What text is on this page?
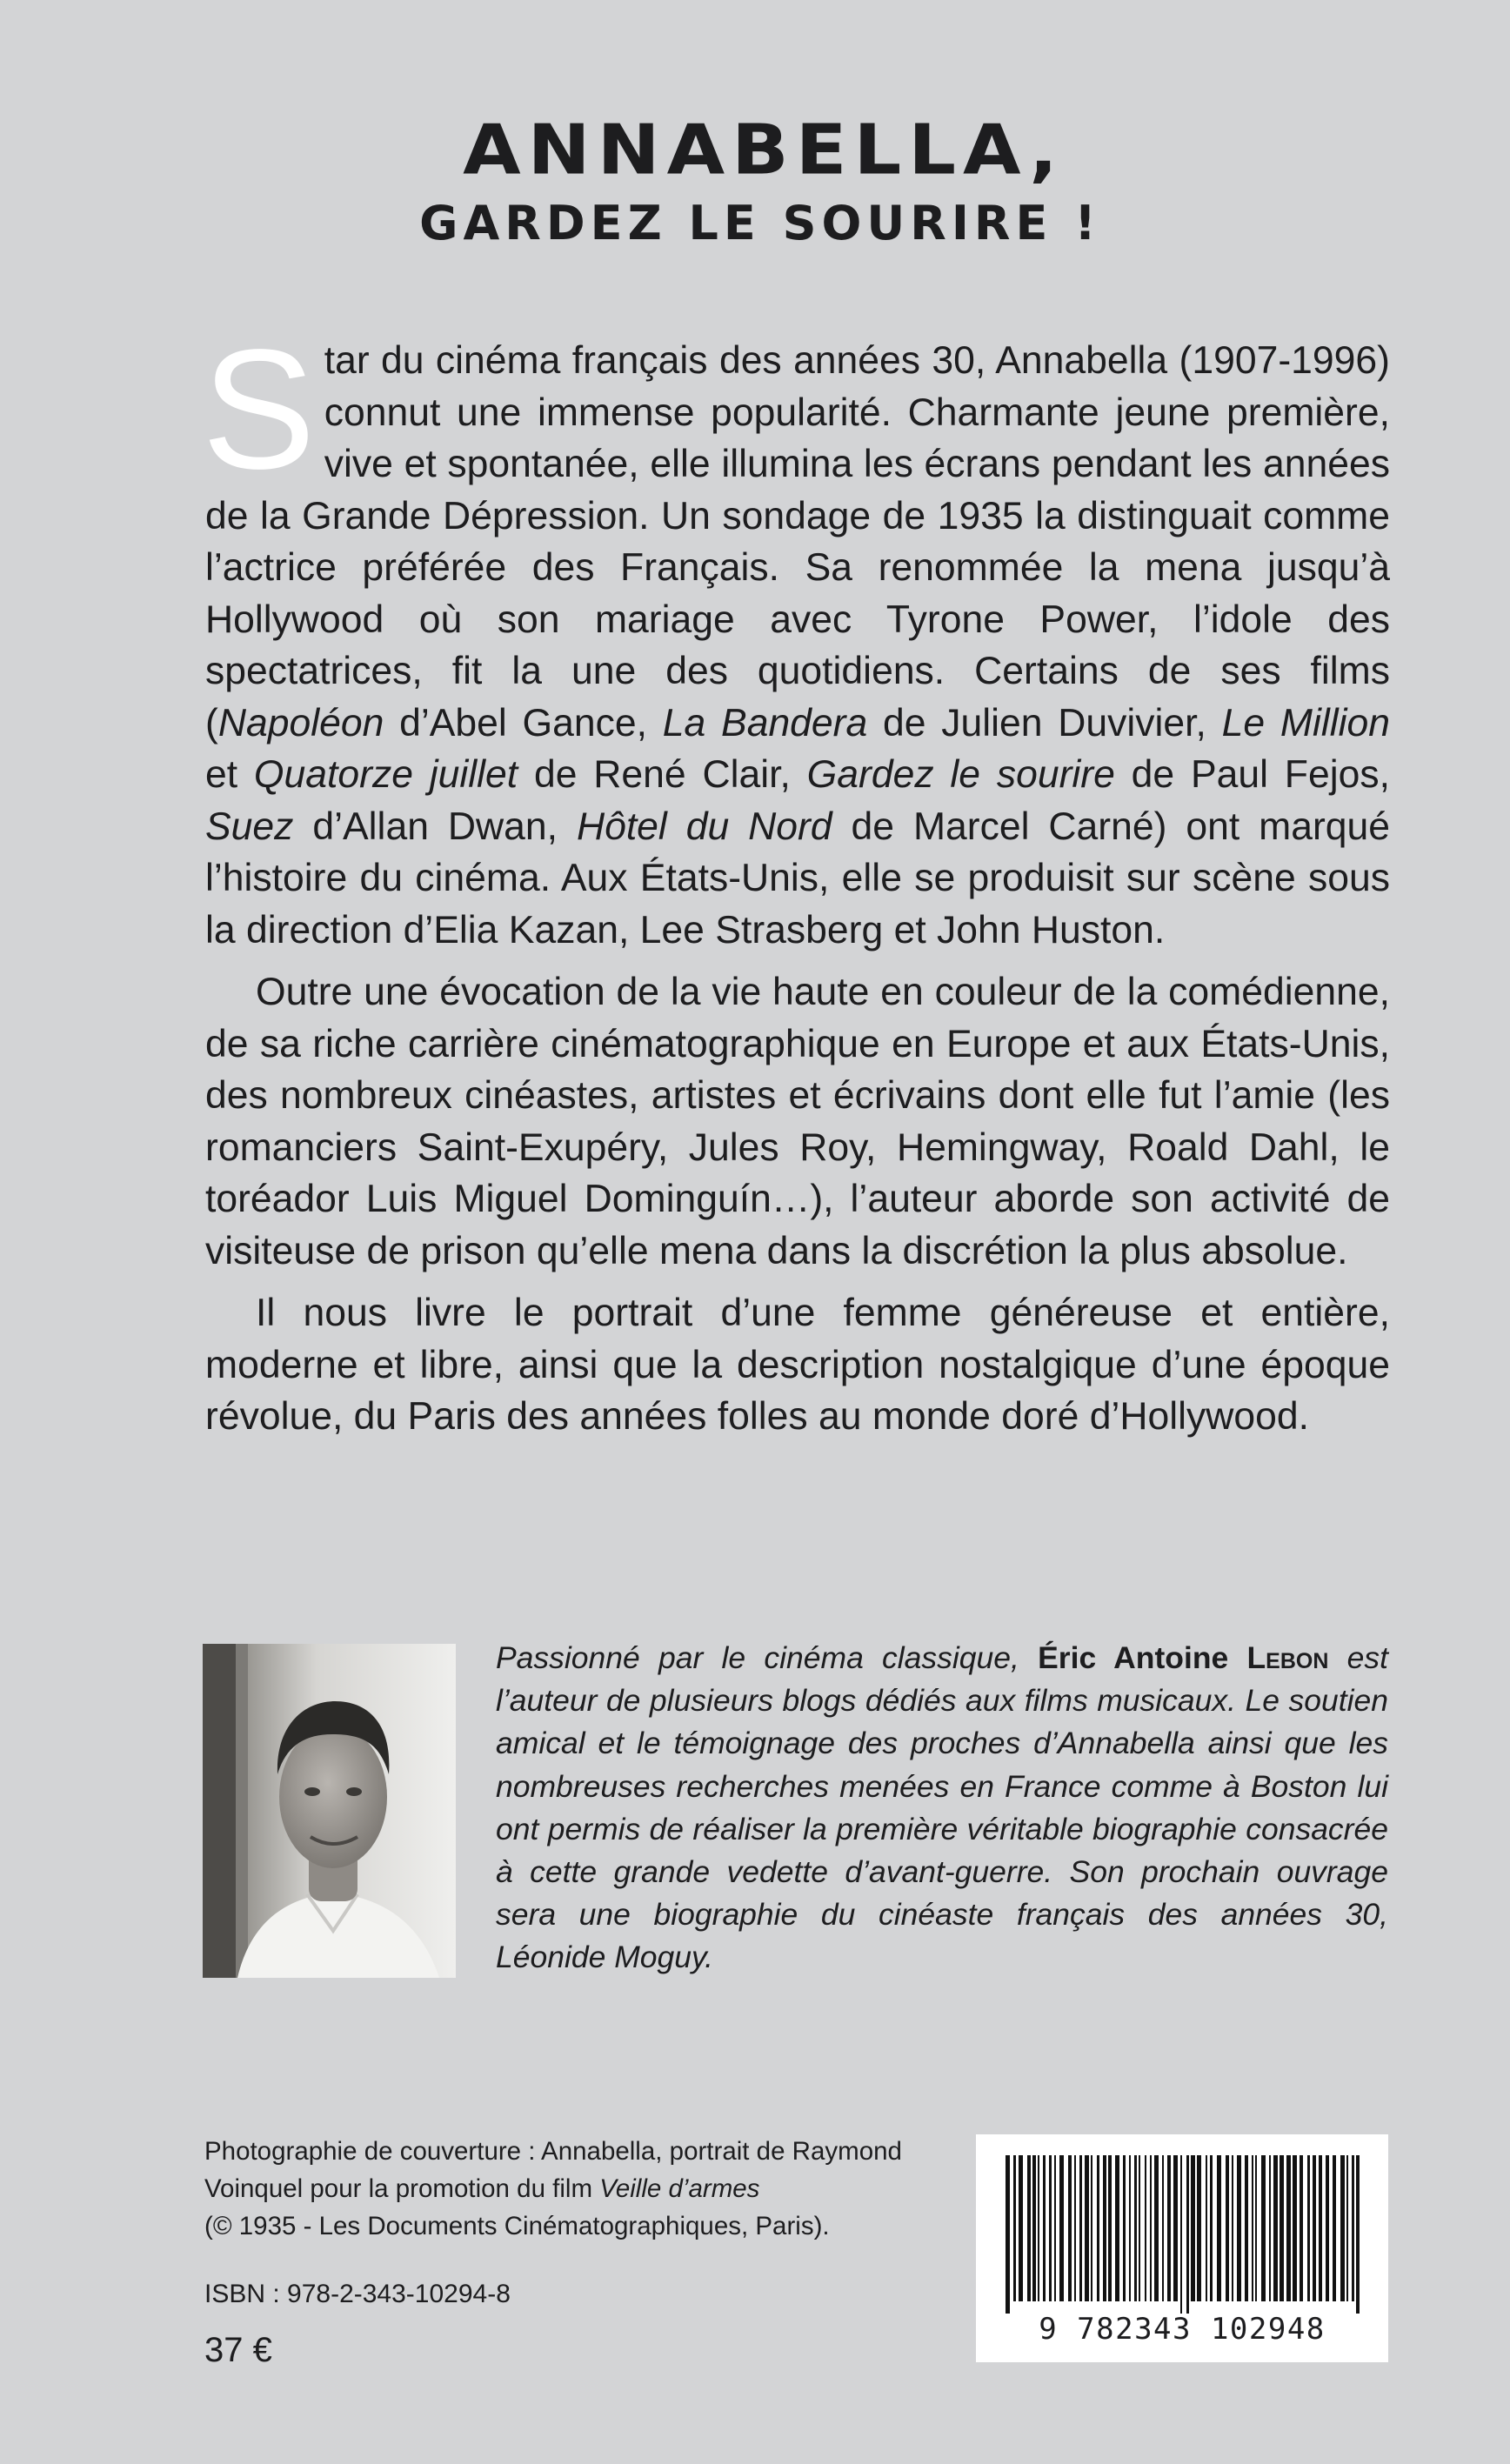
ANNABELLA,
GARDEZ LE SOURIRE !

Star du cinéma français des années 30, Annabella (1907-1996) connut une immense popularité. Charmante jeune première, vive et spontanée, elle illumina les écrans pendant les années de la Grande Dépression. Un sondage de 1935 la distinguait comme l’actrice préférée des Français. Sa renommée la mena jusqu’à Hollywood où son mariage avec Tyrone Power, l’idole des spectatrices, fit la une des quotidiens. Certains de ses films (Napoléon d’Abel Gance, La Bandera de Julien Duvivier, Le Million et Quatorze juillet de René Clair, Gardez le sourire de Paul Fejos, Suez d’Allan Dwan, Hôtel du Nord de Marcel Carné) ont marqué l’histoire du cinéma. Aux États-Unis, elle se produisit sur scène sous la direction d’Elia Kazan, Lee Strasberg et John Huston.

Outre une évocation de la vie haute en couleur de la comédienne, de sa riche carrière cinématographique en Europe et aux États-Unis, des nombreux cinéastes, artistes et écrivains dont elle fut l’amie (les romanciers Saint-Exupéry, Jules Roy, Hemingway, Roald Dahl, le toréador Luis Miguel Dominguín…), l’auteur aborde son activité de visiteuse de prison qu’elle mena dans la discrétion la plus absolue.

Il nous livre le portrait d’une femme généreuse et entière, moderne et libre, ainsi que la description nostalgique d’une époque révolue, du Paris des années folles au monde doré d’Hollywood.

Passionné par le cinéma classique, Éric Antoine Lebon est l’auteur de plusieurs blogs dédiés aux films musicaux. Le soutien amical et le témoignage des proches d’Annabella ainsi que les nombreuses recherches menées en France comme à Boston lui ont permis de réaliser la première véritable biographie consacrée à cette grande vedette d’avant-guerre. Son prochain ouvrage sera une biographie du cinéaste français des années 30, Léonide Moguy.

Photographie de couverture : Annabella, portrait de Raymond
Voinquel pour la promotion du film Veille d’armes
(© 1935 - Les Documents Cinématographiques, Paris).
ISBN : 978-2-343-10294-8
37 €
9 782343 102948
